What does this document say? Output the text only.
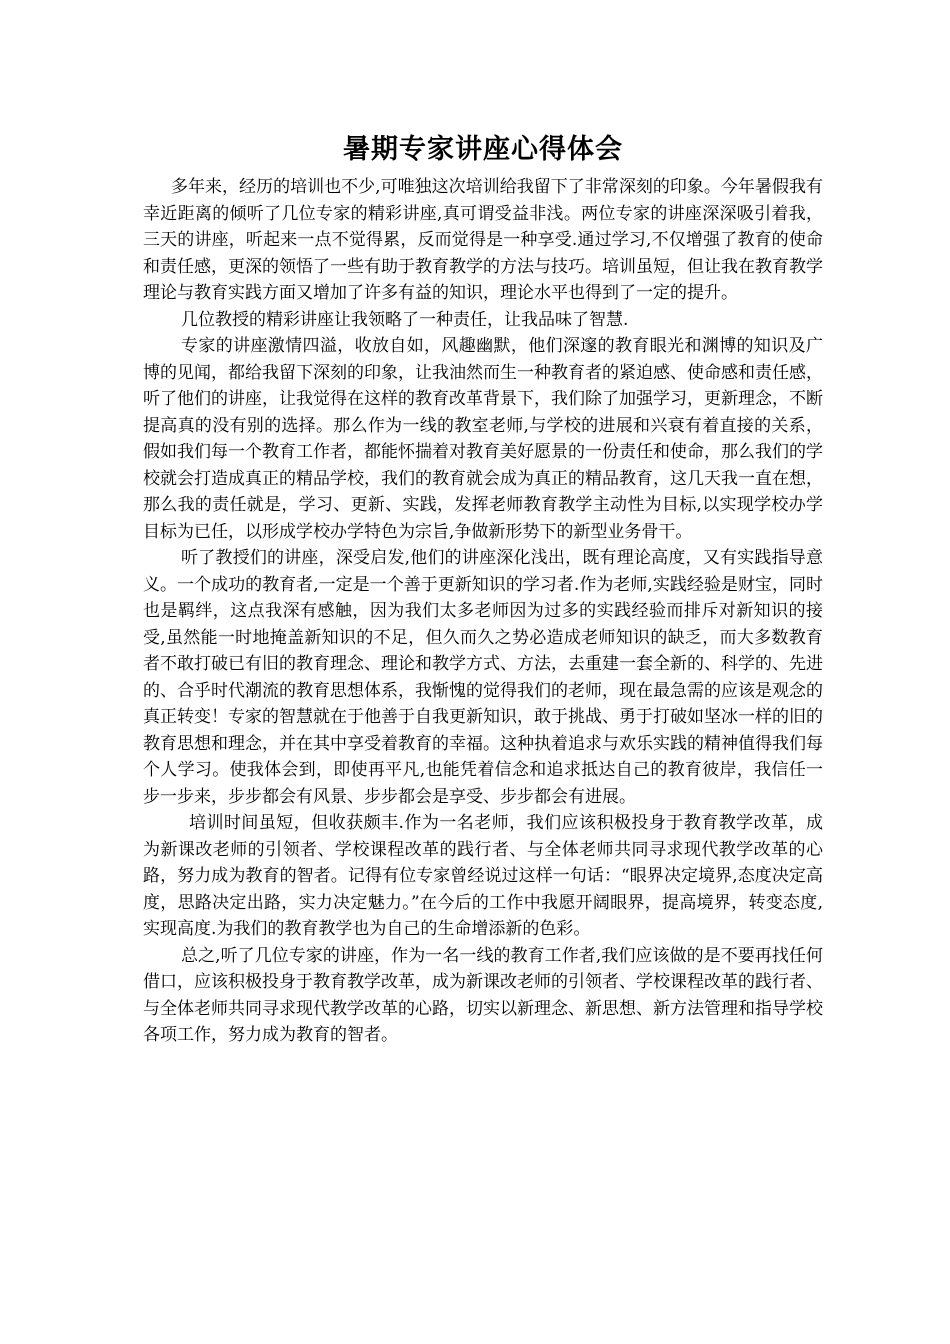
暑期专家讲座心得体会

多年来，经历的培训也不少,可唯独这次培训给我留下了非常深刻的印象。今年暑假我有幸近距离的倾听了几位专家的精彩讲座,真可谓受益非浅。两位专家的讲座深深吸引着我，三天的讲座，听起来一点不觉得累，反而觉得是一种享受.通过学习,不仅增强了教育的使命和责任感，更深的领悟了一些有助于教育教学的方法与技巧。培训虽短，但让我在教育教学理论与教育实践方面又增加了许多有益的知识，理论水平也得到了一定的提升。

几位教授的精彩讲座让我领略了一种责任，让我品味了智慧.

专家的讲座激情四溢，收放自如，风趣幽默，他们深邃的教育眼光和渊博的知识及广博的见闻，都给我留下深刻的印象，让我油然而生一种教育者的紧迫感、使命感和责任感，听了他们的讲座，让我觉得在这样的教育改革背景下，我们除了加强学习，更新理念，不断提高真的没有别的选择。那么作为一线的教室老师,与学校的进展和兴衰有着直接的关系，假如我们每一个教育工作者，都能怀揣着对教育美好愿景的一份责任和使命，那么我们的学校就会打造成真正的精品学校，我们的教育就会成为真正的精品教育，这几天我一直在想，那么我的责任就是，学习、更新、实践，发挥老师教育教学主动性为目标,以实现学校办学目标为已任，以形成学校办学特色为宗旨,争做新形势下的新型业务骨干。

听了教授们的讲座，深受启发,他们的讲座深化浅出，既有理论高度，又有实践指导意义。一个成功的教育者,一定是一个善于更新知识的学习者.作为老师,实践经验是财宝，同时也是羁绊，这点我深有感触，因为我们太多老师因为过多的实践经验而排斥对新知识的接受,虽然能一时地掩盖新知识的不足，但久而久之势必造成老师知识的缺乏，而大多数教育者不敢打破已有旧的教育理念、理论和教学方式、方法，去重建一套全新的、科学的、先进的、合乎时代潮流的教育思想体系，我惭愧的觉得我们的老师，现在最急需的应该是观念的真正转变！专家的智慧就在于他善于自我更新知识，敢于挑战、勇于打破如坚冰一样的旧的教育思想和理念，并在其中享受着教育的幸福。这种执着追求与欢乐实践的精神值得我们每个人学习。使我体会到，即使再平凡,也能凭着信念和追求抵达自己的教育彼岸，我信任一步一步来，步步都会有风景、步步都会是享受、步步都会有进展。

培训时间虽短，但收获颇丰.作为一名老师，我们应该积极投身于教育教学改革，成为新课改老师的引领者、学校课程改革的践行者、与全体老师共同寻求现代教学改革的心路，努力成为教育的智者。记得有位专家曾经说过这样一句话：“眼界决定境界,态度决定高度，思路决定出路，实力决定魅力。”在今后的工作中我愿开阔眼界，提高境界，转变态度,实现高度.为我们的教育教学也为自己的生命增添新的色彩。

总之,听了几位专家的讲座，作为一名一线的教育工作者,我们应该做的是不要再找任何借口，应该积极投身于教育教学改革，成为新课改老师的引领者、学校课程改革的践行者、与全体老师共同寻求现代教学改革的心路，切实以新理念、新思想、新方法管理和指导学校各项工作，努力成为教育的智者。
